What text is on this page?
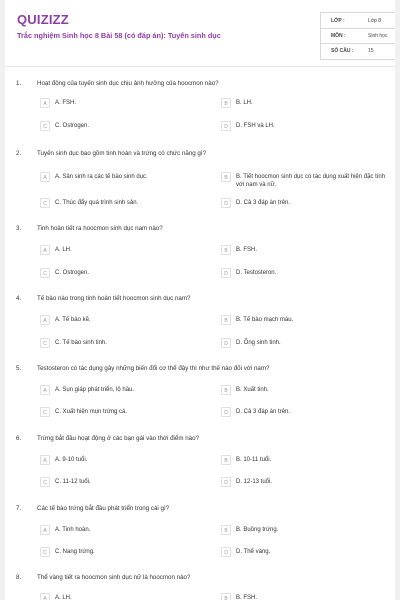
QUIZIZZ
Trắc nghiệm Sinh học 8 Bài 58 (có đáp án): Tuyến sinh dục
LỚP :	Lớp 8
MÔN :	Sinh học
SỐ CÂU :	15
1.	Hoạt động của tuyến sinh dục chịu ảnh hưởng của hoocmon nào?
A	A. FSH.	B	B. LH.
C	C. Ostrogen.	D	D. FSH và LH.
2.	Tuyến sinh dục bao gồm tinh hoàn và trứng có chức năng gì?
A	A. Sản sinh ra các tế bào sinh dục.	B	B. Tiết hoocmon sinh dục có tác dụng xuất hiện đặc tính với nam và nữ.
C	C. Thúc đẩy quá trình sinh sản.	D	D. Cả 3 đáp án trên.
3.	Tinh hoàn tiết ra hoocmon sinh dục nam nào?
A	A. LH.	B	B. FSH.
C	C. Ostrogen.	D	D. Testosteron.
4.	Tế bào nào trong tinh hoàn tiết hoocmon sinh dục nam?
A	A. Tế bào kẽ.	B	B. Tế bào mạch máu.
C	C. Tế bào sinh tinh.	D	D. Ống sinh tinh.
5.	Testosteron có tác dụng gây những biến đổi cơ thể đậy thì như thế nào đối với nam?
A	A. Sụn giáp phát triển, lộ hầu.	B	B. Xuất tinh.
C	C. Xuất hiện mụn trứng cá.	D	D. Cả 3 đáp án trên.
6.	Trứng bắt đầu hoạt động ở các bạn gái vào thời điểm nào?
A	A. 9-10 tuổi.	B	B. 10-11 tuổi.
C	C. 11-12 tuổi.	D	D. 12-13 tuổi.
7.	Các tế bào trứng bắt đầu phát triển trong cái gì?
A	A. Tinh hoàn.	B	B. Buồng trứng.
C	C. Nang trứng.	D	D. Thể vàng.
8.	Thể vàng tiết ra hoocmon sinh dục nữ là hoocmon nào?
A	A. LH.	B	B. FSH.
